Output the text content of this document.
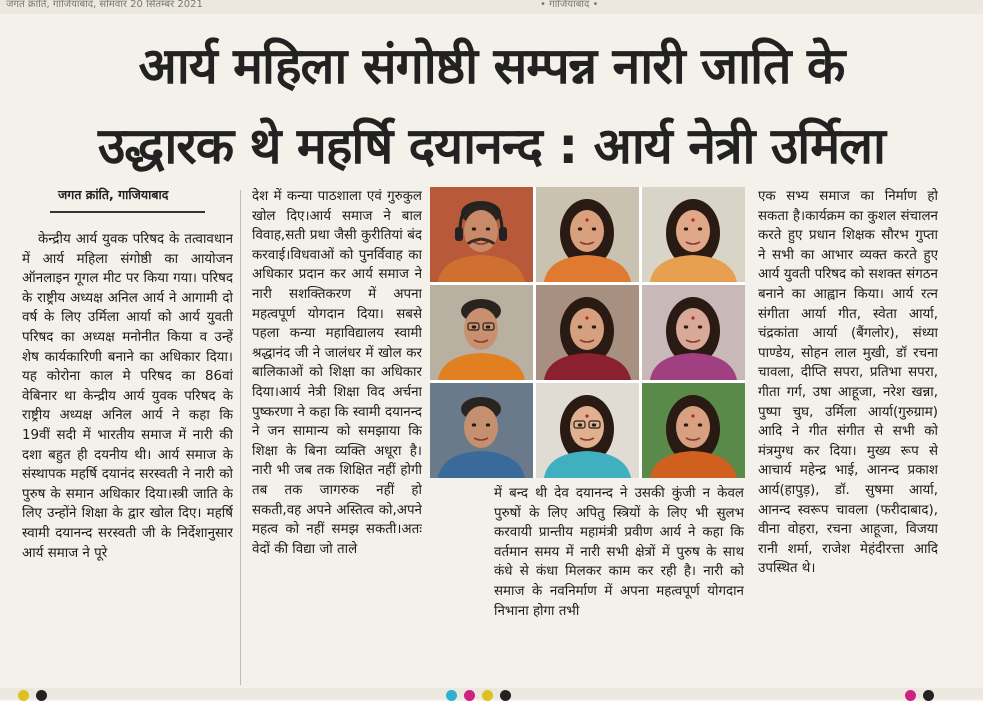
जगत क्रांति, गाजियाबाद, सोमवार 20 सितम्बर 2021	• गाजियाबाद •
आर्य महिला संगोष्ठी सम्पन्न नारी जाति के
उद्धारक थे महर्षि दयानन्द : आर्य नेत्री उर्मिला
जगत क्रांति, गाजियाबाद

केन्द्रीय आर्य युवक परिषद के तत्वावधान में आर्य महिला संगोष्ठी का आयोजन ऑनलाइन गूगल मीट पर किया गया। परिषद के राष्ट्रीय अध्यक्ष अनिल आर्य ने आगामी दो वर्ष के लिए उर्मिला आर्या को आर्य युवती परिषद का अध्यक्ष मनोनीत किया व उन्हें शेष कार्यकारिणी बनाने का अधिकार दिया।यह कोरोना काल मे परिषद का 86वां वेबिनार था केन्द्रीय आर्य युवक परिषद के राष्ट्रीय अध्यक्ष अनिल आर्य ने कहा कि 19वीं सदी में भारतीय समाज में नारी की दशा बहुत ही दयनीय थी। आर्य समाज के संस्थापक महर्षि दयानंद सरस्वती ने नारी को पुरुष के समान अधिकार दिया।स्त्री जाति के लिए उन्होंने शिक्षा के द्वार खोल दिए। महर्षि स्वामी दयानन्द सरस्वती जी के निर्देशानुसार आर्य समाज ने पूरे

देश में कन्या पाठशाला एवं गुरुकुल खोल दिए।आर्य समाज ने बाल विवाह,सती प्रथा जैसी कुरीतियां बंद करवाई।विधवाओं को पुनर्विवाह का अधिकार प्रदान कर आर्य समाज ने नारी सशक्तिकरण में अपना महत्वपूर्ण योगदान दिया। सबसे पहला कन्या महाविद्यालय स्वामी श्रद्धानंद जी ने जालंधर में खोल कर बालिकाओं को शिक्षा का अधिकार दिया।आर्य नेत्री शिक्षा विद अर्चना पुष्करणा ने कहा कि स्वामी दयानन्द ने जन सामान्य को समझाया कि शिक्षा के बिना व्यक्ति अधूरा है। नारी भी जब तक शिक्षित नहीं होगी तब तक जागरुक नहीं हो सकती,वह अपने अस्तित्व को,अपने महत्व को नहीं समझ सकती।अतः वेदों की विद्या जो ताले

में बन्द थी देव दयानन्द ने उसकी कुंजी न केवल पुरुषों के लिए अपितु स्त्रियों के लिए भी सुलभ करवायी प्रान्तीय महामंत्री प्रवीण आर्य ने कहा कि वर्तमान समय में नारी सभी क्षेत्रों में पुरुष के साथ कंधे से कंधा मिलकर काम कर रही है। नारी को समाज के नवनिर्माण में अपना महत्वपूर्ण योगदान निभाना होगा तभी

एक सभ्य समाज का निर्माण हो सकता है।कार्यक्रम का कुशल संचालन करते हुए प्रधान शिक्षक सौरभ गुप्ता ने सभी का आभार व्यक्त करते हुए आर्य युवती परिषद को सशक्त संगठन बनाने का आह्वान किया। आर्य रत्न संगीता आर्या गीत, स्वेता आर्या, चंद्रकांता आर्या (बैंगलोर), संध्या पाण्डेय, सोहन लाल मुखी, डॉ रचना चावला, दीप्ति सपरा, प्रतिभा सपरा, गीता गर्ग, उषा आहूजा, नरेश खन्ना, पुष्पा चुघ, उर्मिला आर्या(गुरुग्राम) आदि ने गीत संगीत से सभी को मंत्रमुग्ध कर दिया। मुख्य रूप से आचार्य महेन्द्र भाई, आनन्द प्रकाश आर्य(हापुड़), डॉ. सुषमा आर्या, आनन्द स्वरूप चावला (फरीदाबाद), वीना वोहरा, रचना आहूजा, विजया रानी शर्मा, राजेश मेहंदीरत्ता आदि उपस्थित थे।
